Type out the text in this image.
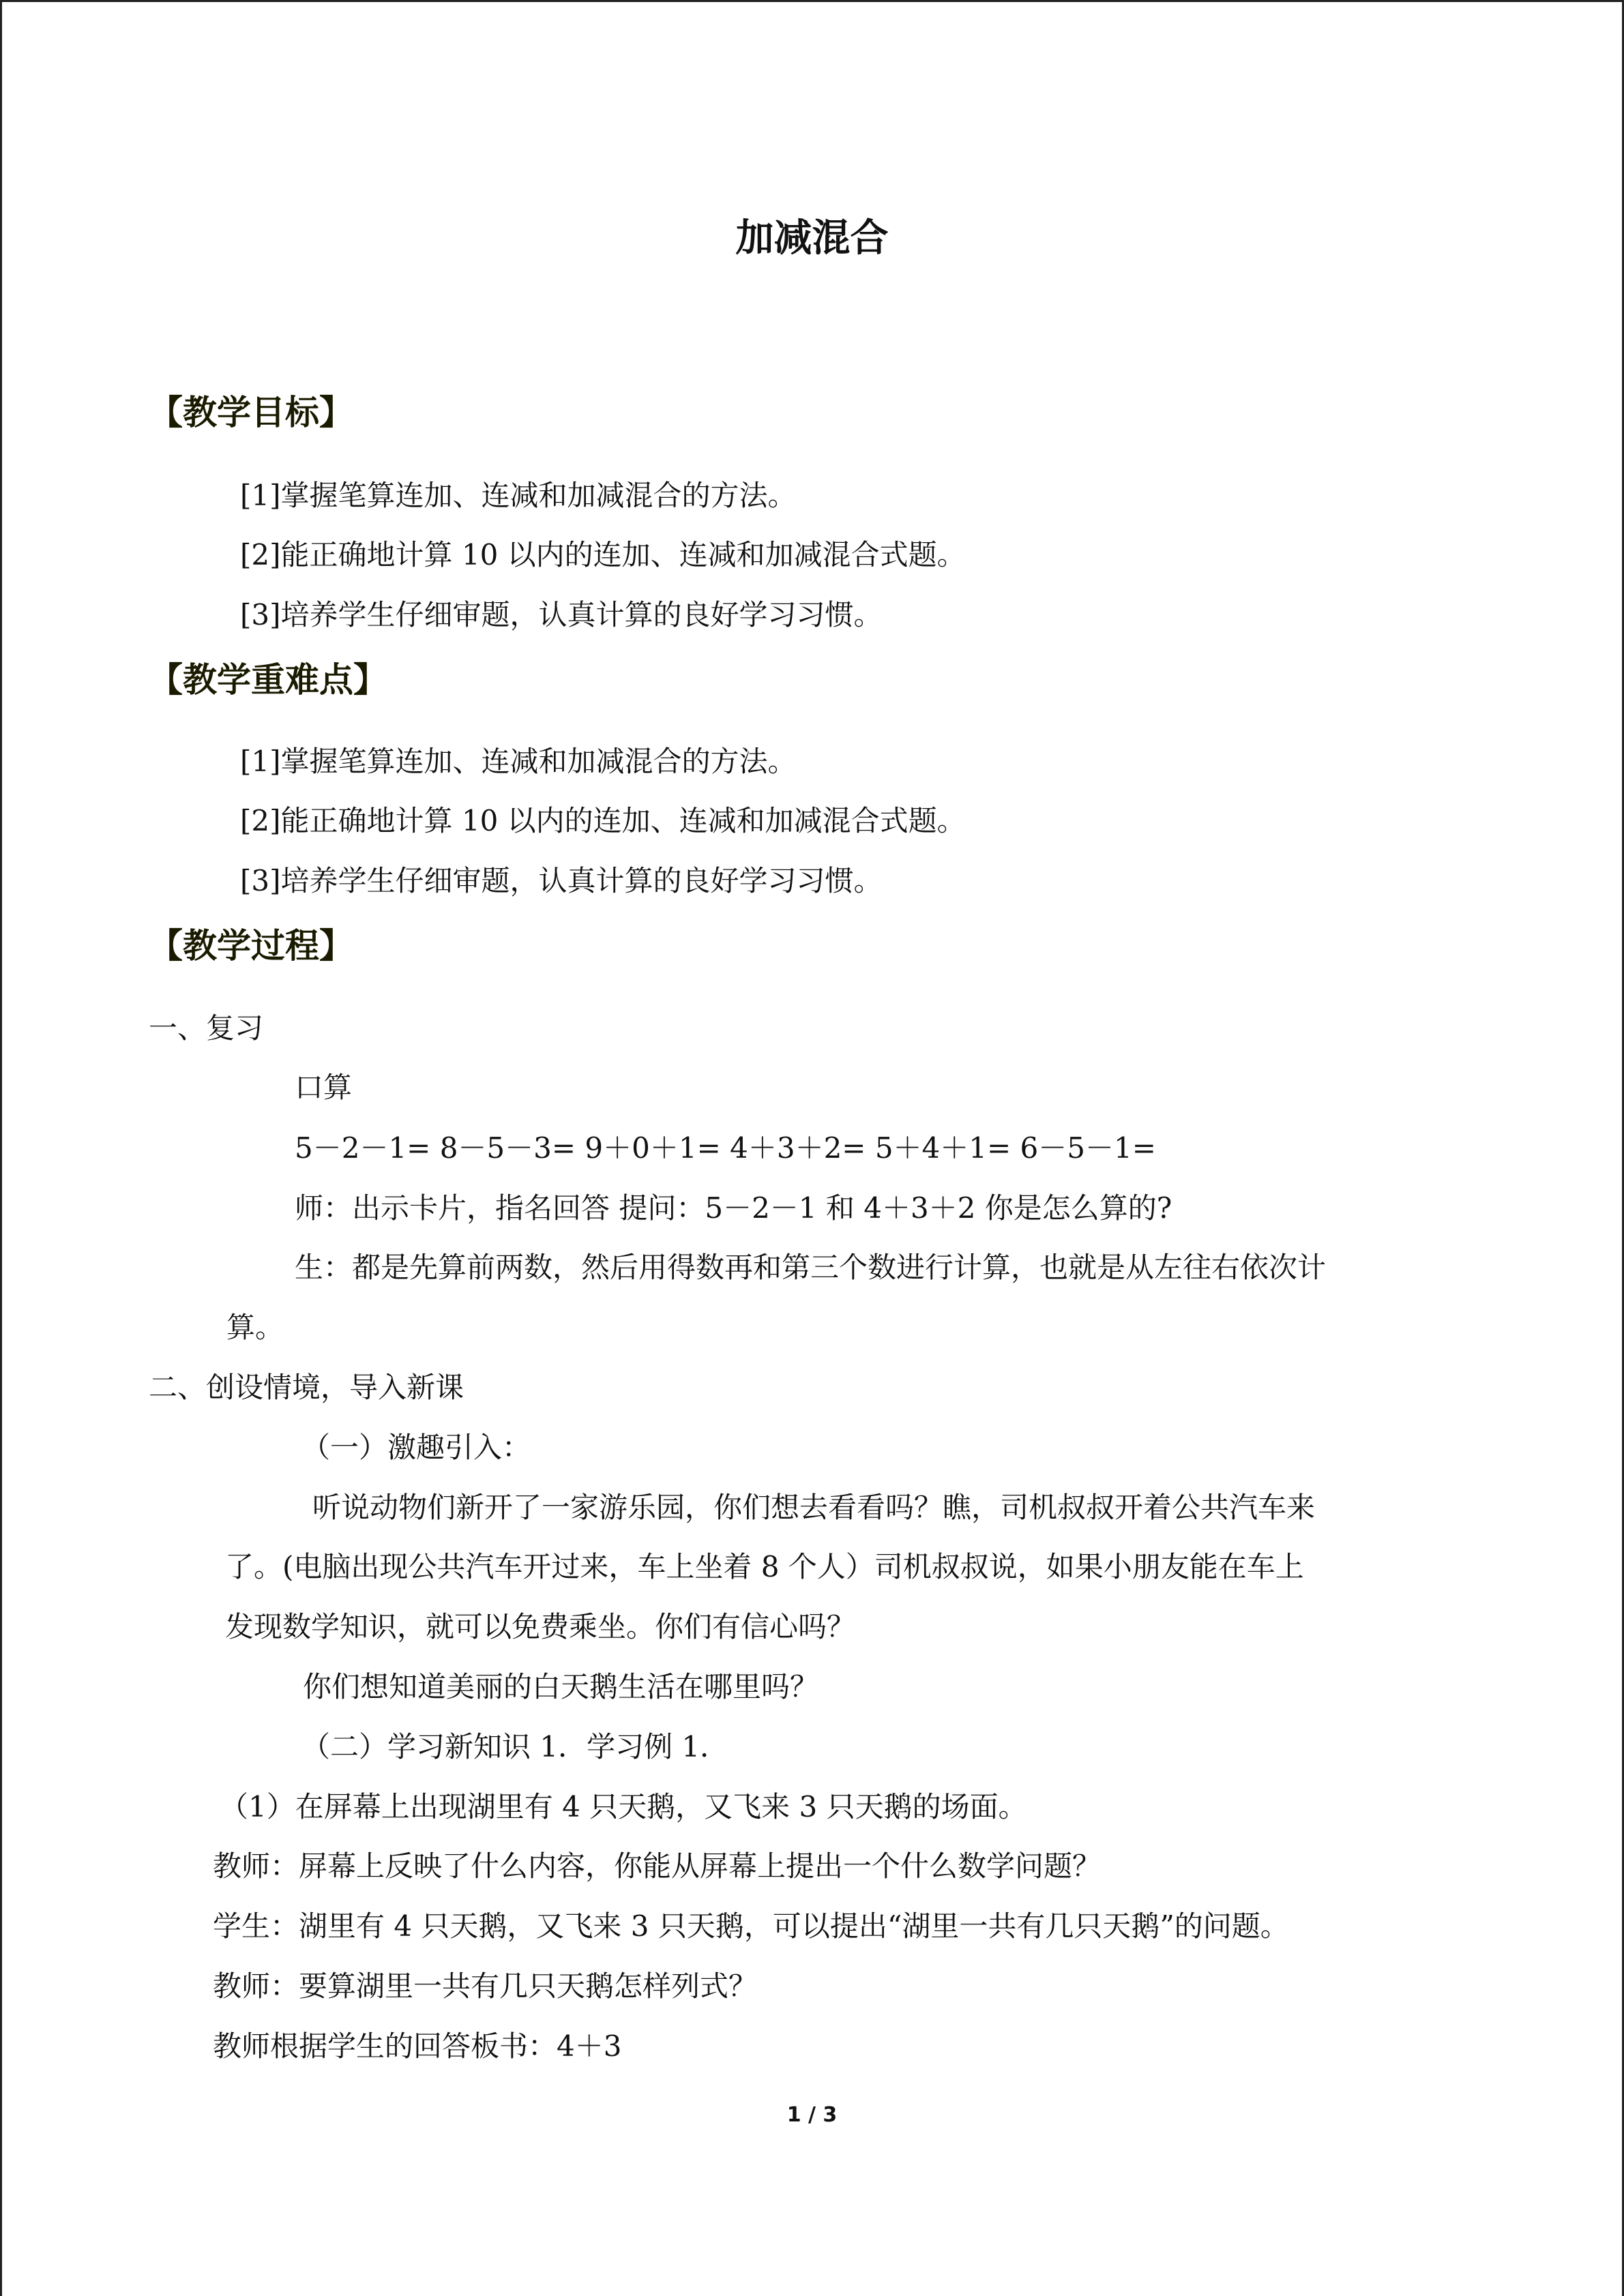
加减混合
【教学目标】
[1]掌握笔算连加、连减和加减混合的方法。
[2]能正确地计算 10 以内的连加、连减和加减混合式题。
[3]培养学生仔细审题，认真计算的良好学习习惯。
【教学重难点】
[1]掌握笔算连加、连减和加减混合的方法。
[2]能正确地计算 10 以内的连加、连减和加减混合式题。
[3]培养学生仔细审题，认真计算的良好学习习惯。
【教学过程】
一、复习
口算
5－2－1= 8－5－3= 9＋0＋1= 4＋3＋2= 5＋4＋1= 6－5－1=
师：出示卡片，指名回答 提问：5－2－1 和 4＋3＋2 你是怎么算的?
生：都是先算前两数，然后用得数再和第三个数进行计算，也就是从左往右依次计
算。
二、创设情境，导入新课
（一）激趣引入：
听说动物们新开了一家游乐园，你们想去看看吗？瞧，司机叔叔开着公共汽车来
了。(电脑出现公共汽车开过来，车上坐着 8 个人）司机叔叔说，如果小朋友能在车上
发现数学知识，就可以免费乘坐。你们有信心吗？
你们想知道美丽的白天鹅生活在哪里吗？
（二）学习新知识 1．学习例 1．
（1）在屏幕上出现湖里有 4 只天鹅，又飞来 3 只天鹅的场面。
教师：屏幕上反映了什么内容，你能从屏幕上提出一个什么数学问题？
学生：湖里有 4 只天鹅，又飞来 3 只天鹅，可以提出“湖里一共有几只天鹅”的问题。
教师：要算湖里一共有几只天鹅怎样列式？
教师根据学生的回答板书：4＋3
1 / 3
